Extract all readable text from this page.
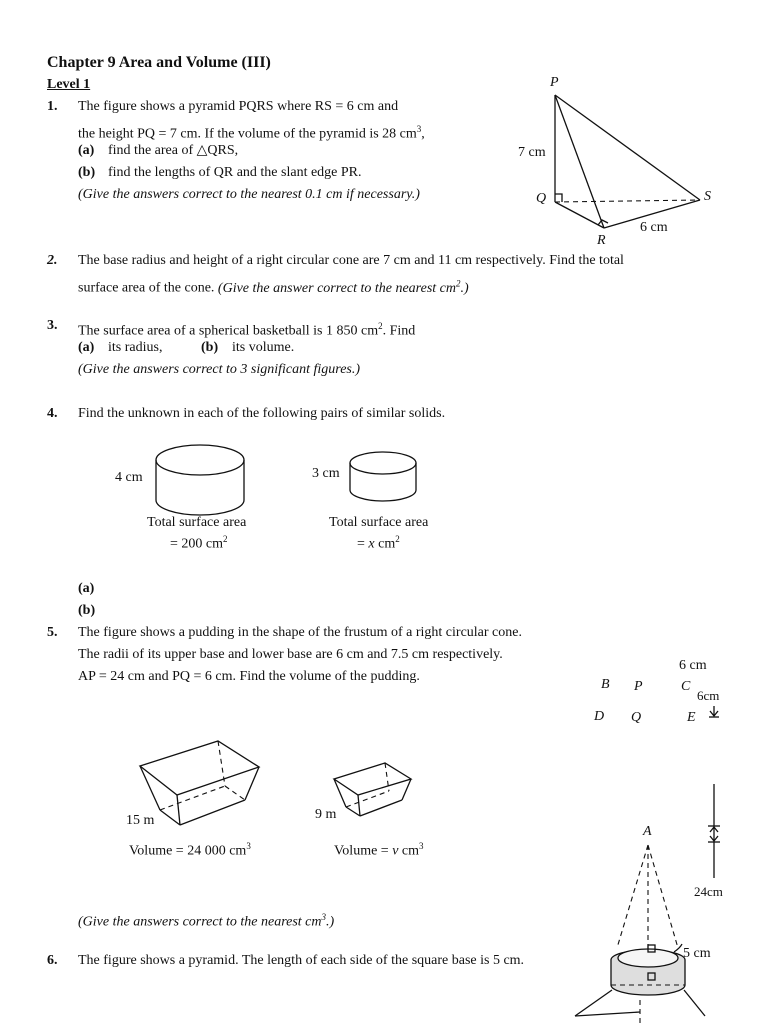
Chapter 9 Area and Volume (III)
Level 1
1. The figure shows a pyramid PQRS where RS = 6 cm and
the height PQ = 7 cm. If the volume of the pyramid is 28 $cm^3$,
(a) find the area of △QRS,
(b) find the lengths of QR and the slant edge PR.
(Give the answers correct to the nearest 0.1 cm if necessary.)
P
Q
R
S
7 cm
6 cm
2. The base radius and height of a right circular cone are 7 cm and 11 cm respectively. Find the total
surface area of the cone. (Give the answer correct to the nearest $cm^2$.)
3. The surface area of a spherical basketball is 1 850 $cm^2$. Find
(a) its radius,	(b) its volume.
(Give the answers correct to 3 significant figures.)
4. Find the unknown in each of the following pairs of similar solids.
4 cm	3 cm
Total surface area
= 200 $cm^2$
Total surface area
= x $cm^2$
(a)
(b)
15 m	9 m
Volume = 24 000 $cm^3$	Volume = v $cm^3$
(Give the answers correct to the nearest $cm^3$.)
5. The figure shows a pudding in the shape of the frustum of a right circular cone.
The radii of its upper base and lower base are 6 cm and 7.5 cm respectively.
AP = 24 cm and PQ = 6 cm. Find the volume of the pudding.
6 cm
B P	C
6cm
D Q	E
A
24cm
5 cm
6. The figure shows a pyramid. The length of each side of the square base is 5 cm.
